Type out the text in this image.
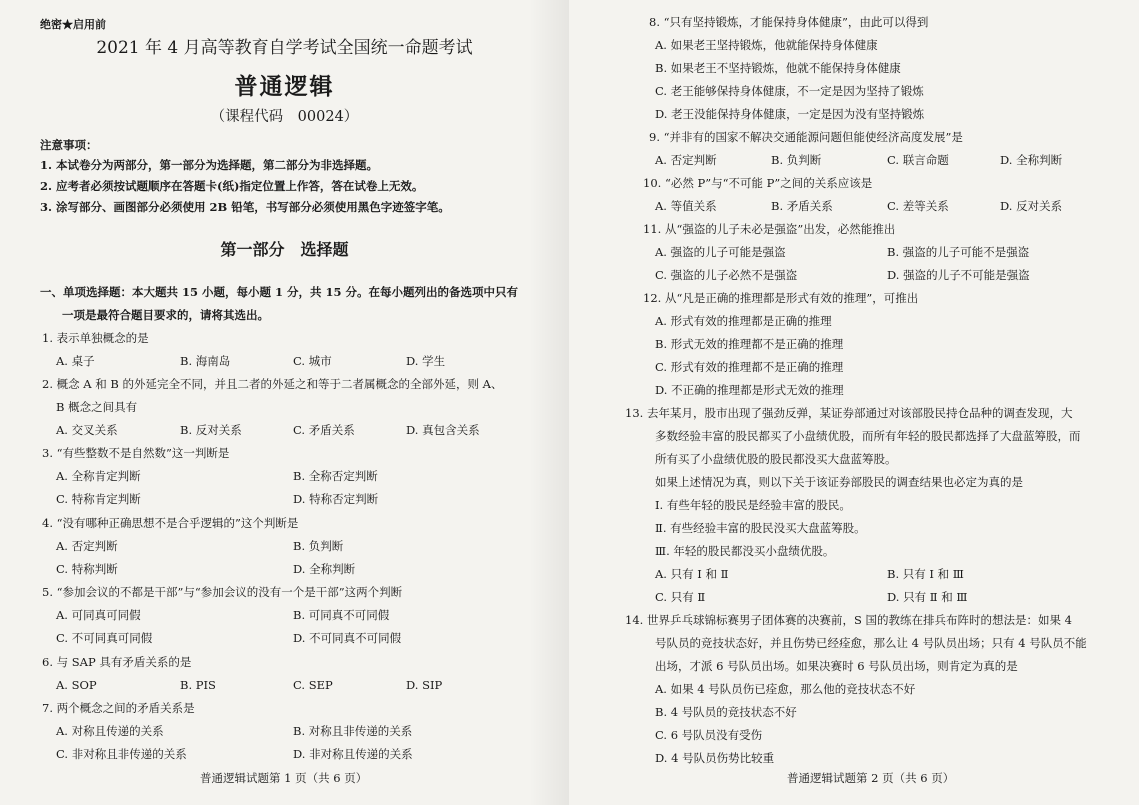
绝密★启用前
2021 年 4 月高等教育自学考试全国统一命题考试
普通逻辑
（课程代码　00024）
注意事项：
1. 本试卷分为两部分，第一部分为选择题，第二部分为非选择题。
2. 应考者必须按试题顺序在答题卡(纸)指定位置上作答，答在试卷上无效。
3. 涂写部分、画图部分必须使用 2B 铅笔，书写部分必须使用黑色字迹签字笔。
第一部分　选择题
一、单项选择题：本大题共 15 小题，每小题 1 分，共 15 分。在每小题列出的备选项中只有
一项是最符合题目要求的，请将其选出。
1. 表示单独概念的是
A. 桌子	B. 海南岛	C. 城市	D. 学生
2. 概念 A 和 B 的外延完全不同，并且二者的外延之和等于二者属概念的全部外延，则 A、
B 概念之间具有
A. 交叉关系	B. 反对关系	C. 矛盾关系	D. 真包含关系
3. “有些整数不是自然数”这一判断是
A. 全称肯定判断	B. 全称否定判断
C. 特称肯定判断	D. 特称否定判断
4. “没有哪种正确思想不是合乎逻辑的”这个判断是
A. 否定判断	B. 负判断
C. 特称判断	D. 全称判断
5. “参加会议的不都是干部”与“参加会议的没有一个是干部”这两个判断
A. 可同真可同假	B. 可同真不可同假
C. 不可同真可同假	D. 不可同真不可同假
6. 与 SAP 具有矛盾关系的是
A. SOP	B. PIS	C. SEP	D. SIP
7. 两个概念之间的矛盾关系是
A. 对称且传递的关系	B. 对称且非传递的关系
C. 非对称且非传递的关系	D. 非对称且传递的关系
普通逻辑试题第 1 页（共 6 页）
8. “只有坚持锻炼，才能保持身体健康”，由此可以得到
A. 如果老王坚持锻炼，他就能保持身体健康
B. 如果老王不坚持锻炼，他就不能保持身体健康
C. 老王能够保持身体健康，不一定是因为坚持了锻炼
D. 老王没能保持身体健康，一定是因为没有坚持锻炼
9. “并非有的国家不解决交通能源问题但能使经济高度发展”是
A. 否定判断	B. 负判断	C. 联言命题	D. 全称判断
10. “必然 P”与“不可能 P”之间的关系应该是
A. 等值关系	B. 矛盾关系	C. 差等关系	D. 反对关系
11. 从“强盗的儿子未必是强盗”出发，必然能推出
A. 强盗的儿子可能是强盗	B. 强盗的儿子可能不是强盗
C. 强盗的儿子必然不是强盗	D. 强盗的儿子不可能是强盗
12. 从“凡是正确的推理都是形式有效的推理”，可推出
A. 形式有效的推理都是正确的推理
B. 形式无效的推理都不是正确的推理
C. 形式有效的推理都不是正确的推理
D. 不正确的推理都是形式无效的推理
13. 去年某月，股市出现了强劲反弹，某证券部通过对该部股民持仓品种的调查发现，大
多数经验丰富的股民都买了小盘绩优股，而所有年轻的股民都选择了大盘蓝筹股，而
所有买了小盘绩优股的股民都没买大盘蓝筹股。
如果上述情况为真，则以下关于该证券部股民的调查结果也必定为真的是
Ⅰ. 有些年轻的股民是经验丰富的股民。
Ⅱ. 有些经验丰富的股民没买大盘蓝筹股。
Ⅲ. 年轻的股民都没买小盘绩优股。
A. 只有 Ⅰ 和 Ⅱ	B. 只有 Ⅰ 和 Ⅲ
C. 只有 Ⅱ	D. 只有 Ⅱ 和 Ⅲ
14. 世界乒乓球锦标赛男子团体赛的决赛前，S 国的教练在排兵布阵时的想法是：如果 4
号队员的竞技状态好，并且伤势已经痊愈，那么让 4 号队员出场；只有 4 号队员不能
出场，才派 6 号队员出场。如果决赛时 6 号队员出场，则肯定为真的是
A. 如果 4 号队员伤已痊愈，那么他的竞技状态不好
B. 4 号队员的竞技状态不好
C. 6 号队员没有受伤
D. 4 号队员伤势比较重
普通逻辑试题第 2 页（共 6 页）
